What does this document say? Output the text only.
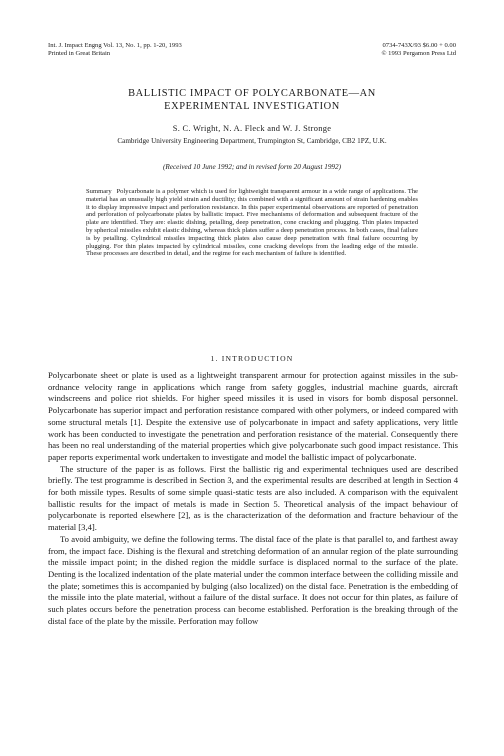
Int. J. Impact Engng Vol. 13, No. 1, pp. 1-20, 1993
Printed in Great Britain
0734-743X/93 $6.00 + 0.00
© 1993 Pergamon Press Ltd
BALLISTIC IMPACT OF POLYCARBONATE—AN
EXPERIMENTAL INVESTIGATION
S. C. Wright, N. A. Fleck and W. J. Stronge
Cambridge University Engineering Department, Trumpington St, Cambridge, CB2 1PZ, U.K.
(Received 10 June 1992; and in revised form 20 August 1992)
Summary Polycarbonate is a polymer which is used for lightweight transparent armour in a wide range of applications. The material has an unusually high yield strain and ductility; this combined with a significant amount of strain hardening enables it to display impressive impact and perforation resistance. In this paper experimental observations are reported of penetration and perforation of polycarbonate plates by ballistic impact. Five mechanisms of deformation and subsequent fracture of the plate are identified. They are: elastic dishing, petalling, deep penetration, cone cracking and plugging. Thin plates impacted by spherical missiles exhibit elastic dishing, whereas thick plates suffer a deep penetration process. In both cases, final failure is by petalling. Cylindrical missiles impacting thick plates also cause deep penetration with final failure occurring by plugging. For thin plates impacted by cylindrical missiles, cone cracking develops from the leading edge of the missile. These processes are described in detail, and the regime for each mechanism of failure is identified.
1. INTRODUCTION

Polycarbonate sheet or plate is used as a lightweight transparent armour for protection against missiles in the sub-ordnance velocity range in applications which range from safety goggles, industrial machine guards, aircraft windscreens and police riot shields. For higher speed missiles it is used in visors for bomb disposal personnel. Polycarbonate has superior impact and perforation resistance compared with other polymers, or indeed compared with some structural metals [1]. Despite the extensive use of polycarbonate in impact and safety applications, very little work has been conducted to investigate the penetration and perforation resistance of the material. Consequently there has been no real understanding of the material properties which give polycarbonate such good impact resistance. This paper reports experimental work undertaken to investigate and model the ballistic impact of polycarbonate.

The structure of the paper is as follows. First the ballistic rig and experimental techniques used are described briefly. The test programme is described in Section 3, and the experimental results are described at length in Section 4 for both missile types. Results of some simple quasi-static tests are also included. A comparison with the equivalent ballistic results for the impact of metals is made in Section 5. Theoretical analysis of the impact behaviour of polycarbonate is reported elsewhere [2], as is the characterization of the deformation and fracture behaviour of the material [3,4].

To avoid ambiguity, we define the following terms. The distal face of the plate is that parallel to, and farthest away from, the impact face. Dishing is the flexural and stretching deformation of an annular region of the plate surrounding the missile impact point; in the dished region the middle surface is displaced normal to the surface of the plate. Denting is the localized indentation of the plate material under the common interface between the colliding missile and the plate; sometimes this is accompanied by bulging (also localized) on the distal face. Penetration is the embedding of the missile into the plate material, without a failure of the distal surface. It does not occur for thin plates, as failure of such plates occurs before the penetration process can become established. Perforation is the breaking through of the distal face of the plate by the missile. Perforation may follow
